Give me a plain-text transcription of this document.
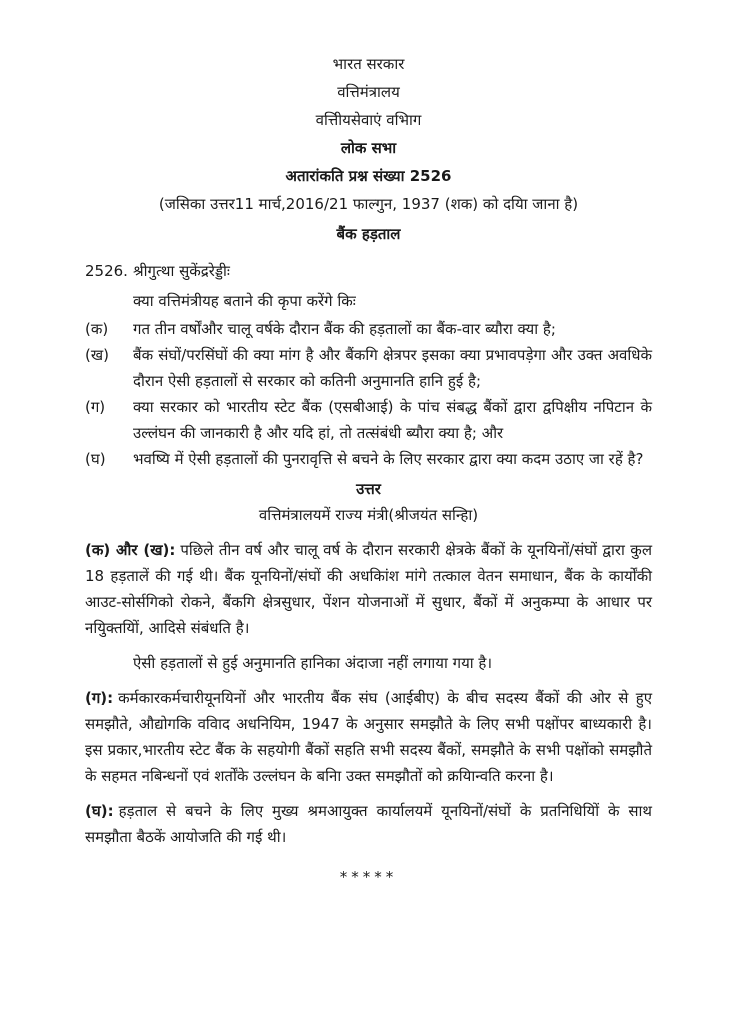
भारत सरकार
वत्तिमंत्रालय
वत्तिीयसेवाएं वभिाग
लोक सभा
अतारांकति प्रश्न संख्या 2526
(जसिका उत्तर11 मार्च,2016/21 फाल्गुन, 1937 (शक) को दयिा जाना है)
बैंक हड़ताल
2526. श्रीगुत्था सुकेंद्ररेड्डीः
क्या वत्तिमंत्रीयह बताने की कृपा करेंगे किः
(क)	गत तीन वर्षोंऔर चालू वर्षके दौरान बैंक की हड़तालों का बैंक-वार ब्यौरा क्या है;
(ख)	बैंक संघों/परसिंघों की क्या मांग है और बैंकगि क्षेत्रपर इसका क्या प्रभावपड़ेगा और उक्त अवधिके दौरान ऐसी हड़तालों से सरकार को कतिनी अनुमानति हानि हुई है;
(ग)	क्या सरकार को भारतीय स्टेट बैंक (एसबीआई) के पांच संबद्ध बैंकों द्वारा द्वपिक्षीय नपिटान के उल्लंघन की जानकारी है और यदि हां, तो तत्संबंधी ब्यौरा क्या है; और
(घ)	भवष्यि में ऐसी हड़तालों की पुनरावृत्ति से बचने के लिए सरकार द्वारा क्या कदम उठाए जा रहें है?
उत्तर
वत्तिमंत्रालयमें राज्य मंत्री(श्रीजयंत सन्हिा)

(क) और (ख): पछिले तीन वर्ष और चालू वर्ष के दौरान सरकारी क्षेत्रके बैंकों के यूनयिनों/संघों द्वारा कुल 18 हड़तालें की गई थी। बैंक यूनयिनों/संघों की अधकिांश मांगे तत्काल वेतन समाधान, बैंक के कार्योंकी आउट-सोर्सगिको रोकने, बैंकगि क्षेत्रसुधार, पेंशन योजनाओं में सुधार, बैंकों में अनुकम्पा के आधार पर नयिुक्तयिों, आदिसे संबंधति है।

ऐसी हड़तालों से हुई अनुमानति हानिका अंदाजा नहीं लगाया गया है।

(ग): कर्मकारकर्मचारीयूनयिनों और भारतीय बैंक संघ (आईबीए) के बीच सदस्य बैंकों की ओर से हुए समझौते, औद्योगकि वविाद अधनियिम, 1947 के अनुसार समझौते के लिए सभी पक्षोंपर बाध्यकारी है। इस प्रकार,भारतीय स्टेट बैंक के सहयोगी बैंकों सहति सभी सदस्य बैंकों, समझौते के सभी पक्षोंको समझौते के सहमत नबिन्धनों एवं शर्तोंके उल्लंघन के बनिा उक्त समझौतों को क्रयिान्वति करना है।

(घ): हड़ताल से बचने के लिए मुख्य श्रमआयुक्त कार्यालयमें यूनयिनों/संघों के प्रतनिधियिों के साथ समझौता बैठकें आयोजति की गई थी।

*****
